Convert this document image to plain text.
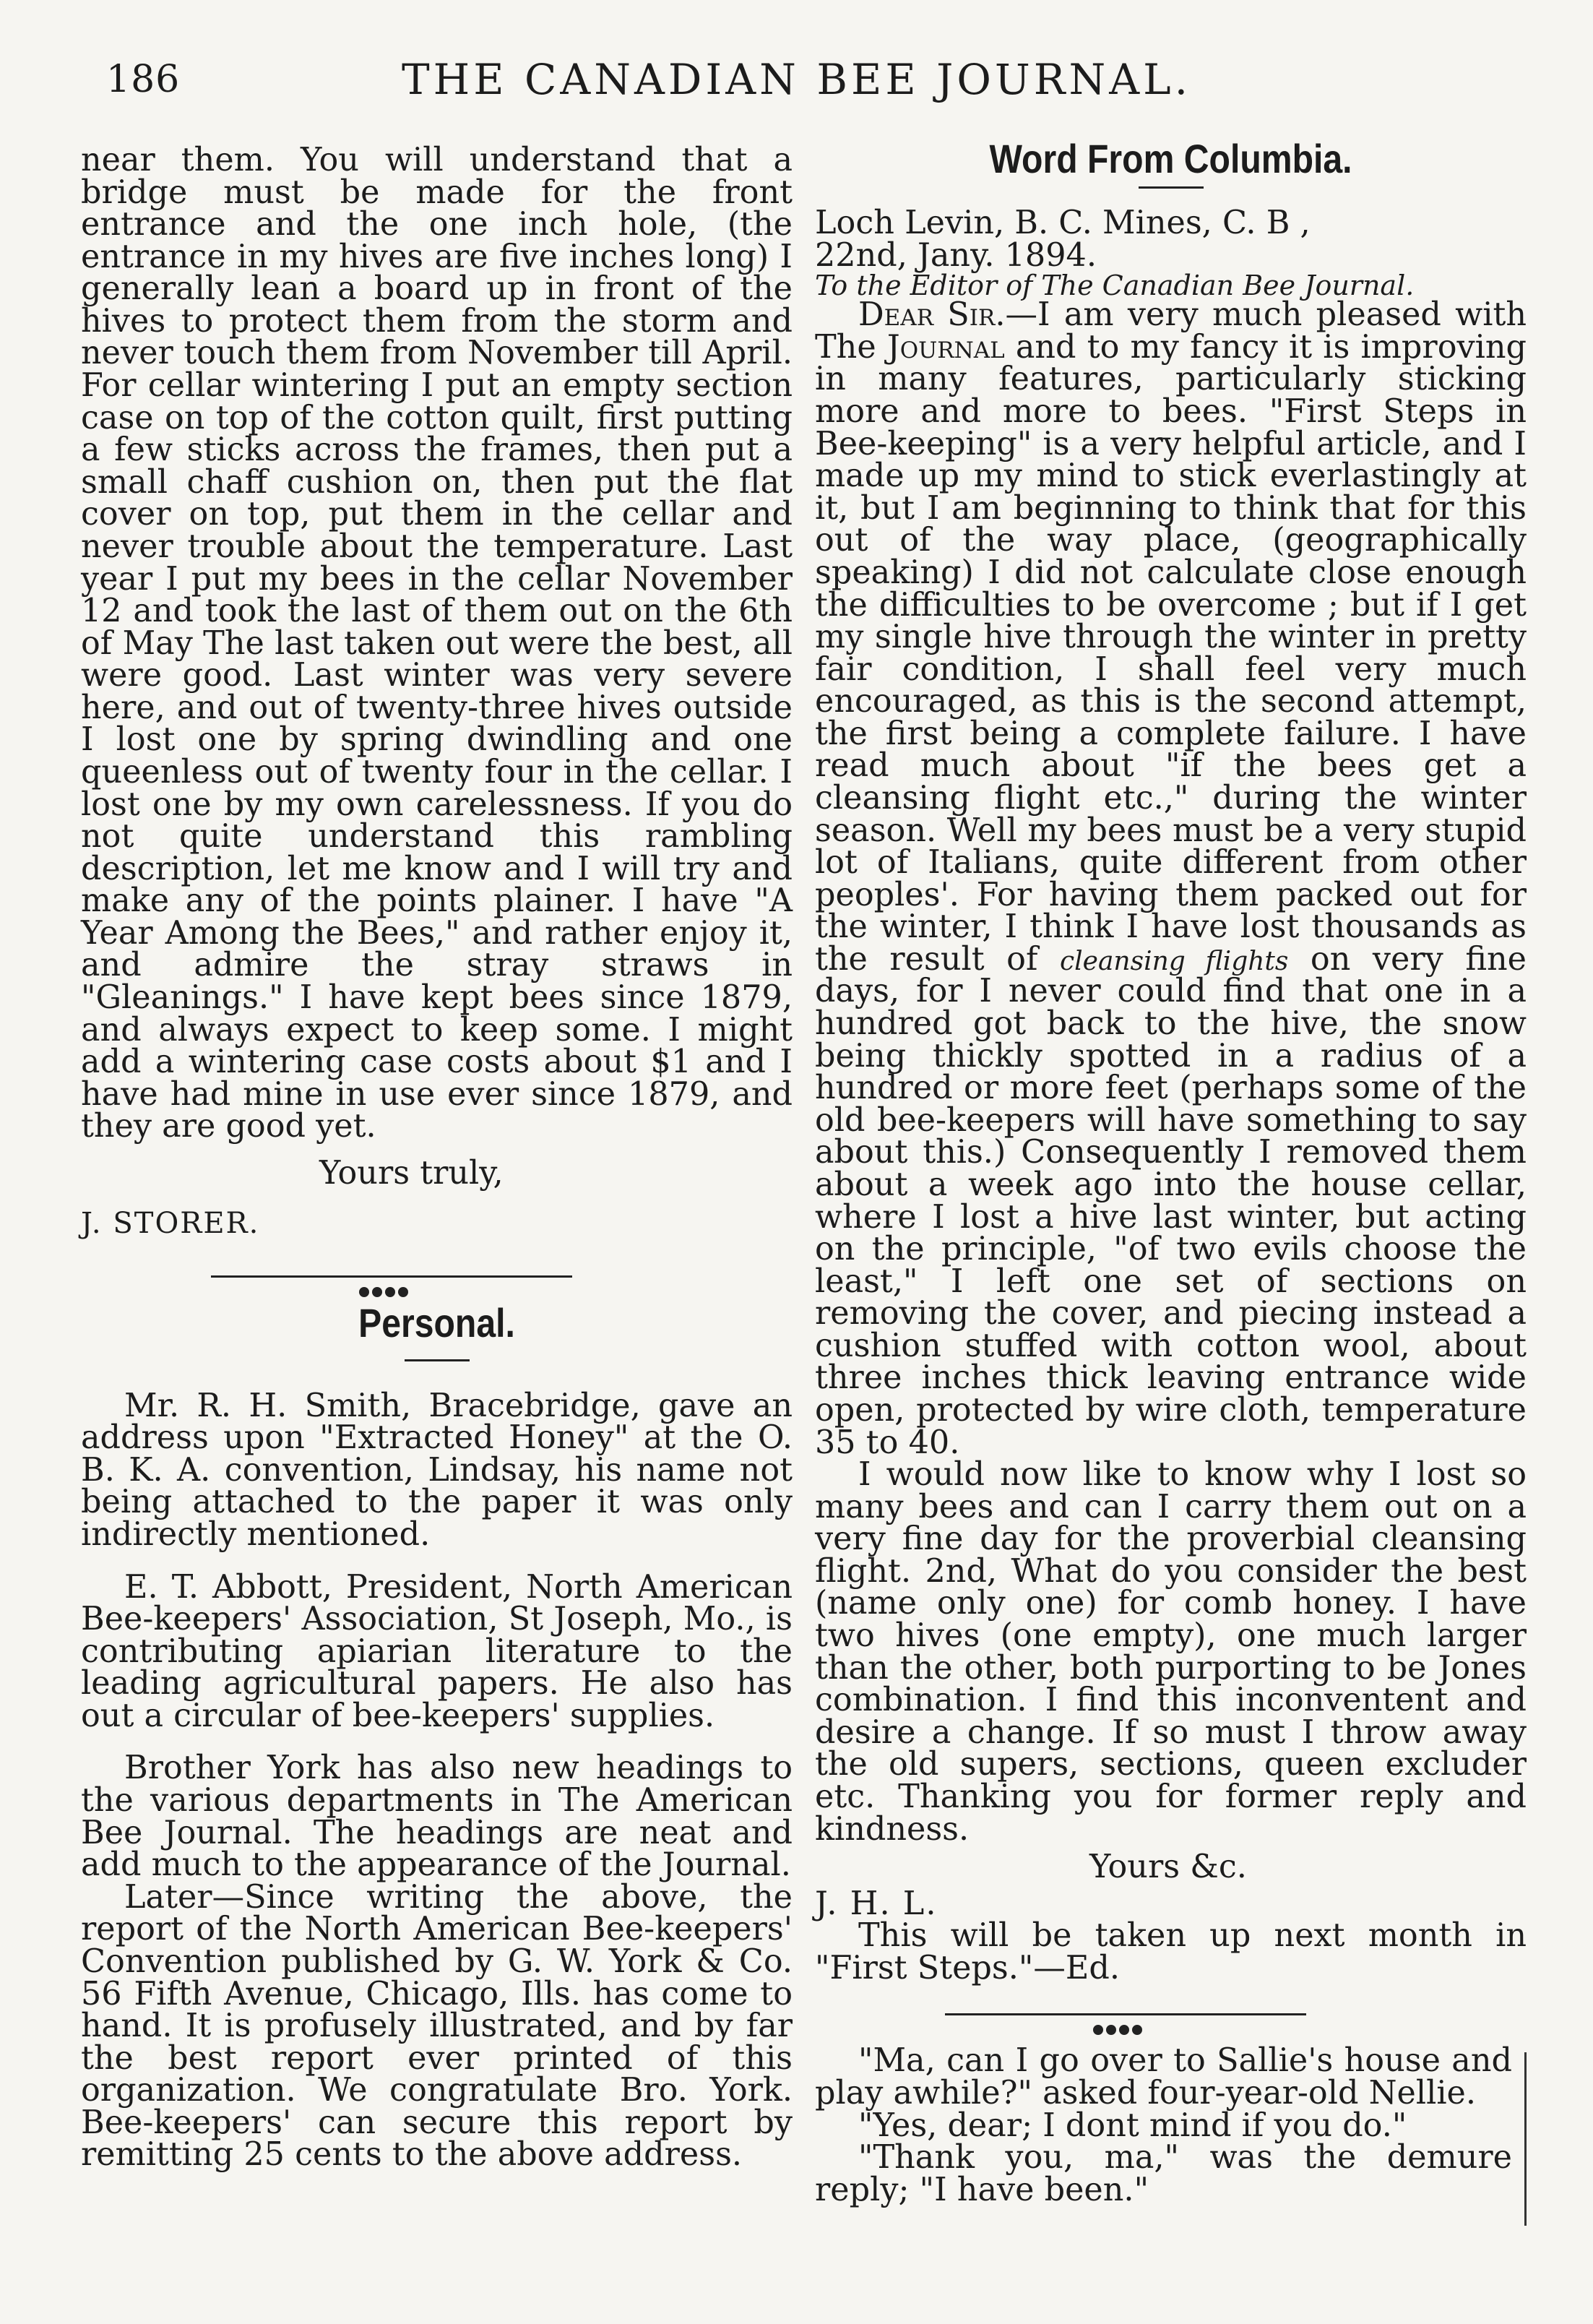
186	THE CANADIAN BEE JOURNAL.

near them. You will understand that a bridge must be made for the front entrance and the one inch hole, (the entrance in my hives are five inches long) I generally lean a board up in front of the hives to protect them from the storm and never touch them from November till April. For cellar wintering I put an empty section case on top of the cotton quilt, first putting a few sticks across the frames, then put a small chaff cushion on, then put the flat cover on top, put them in the cellar and never trouble about the temperature. Last year I put my bees in the cellar November 12 and took the last of them out on the 6th of May The last taken out were the best, all were good. Last winter was very severe here, and out of twenty-three hives outside I lost one by spring dwindling and one queenless out of twenty four in the cellar. I lost one by my own carelessness. If you do not quite understand this rambling description, let me know and I will try and make any of the points plainer. I have "A Year Among the Bees," and rather enjoy it, and admire the stray straws in "Gleanings." I have kept bees since 1879, and always expect to keep some. I might add a wintering case costs about $1 and I have had mine in use ever since 1879, and they are good yet.

Yours truly,

J. STORER.

Personal.

Mr. R. H. Smith, Bracebridge, gave an address upon "Extracted Honey" at the O. B. K. A. convention, Lindsay, his name not being attached to the paper it was only indirectly mentioned.

E. T. Abbott, President, North American Bee-keepers' Association, St Joseph, Mo., is contributing apiarian literature to the leading agricultural papers. He also has out a circular of bee-keepers' supplies.

Brother York has also new headings to the various departments in The American Bee Journal. The headings are neat and add much to the appearance of the Journal.

Later—Since writing the above, the report of the North American Bee-keepers' Convention published by G. W. York & Co. 56 Fifth Avenue, Chicago, Ills. has come to hand. It is profusely illustrated, and by far the best report ever printed of this organization. We congratulate Bro. York. Bee-keepers' can secure this report by remitting 25 cents to the above address.

Word From Columbia.

Loch Levin, B. C. Mines, C. B ,

22nd, Jany. 1894.

To the Editor of The Canadian Bee Journal.

Dear Sir.—I am very much pleased with The Journal and to my fancy it is improving in many features, particularly sticking more and more to bees. "First Steps in Bee-keeping" is a very helpful article, and I made up my mind to stick everlastingly at it, but I am beginning to think that for this out of the way place, (geographically speaking) I did not calculate close enough the difficulties to be overcome ; but if I get my single hive through the winter in pretty fair condition, I shall feel very much encouraged, as this is the second attempt, the first being a complete failure. I have read much about "if the bees get a cleansing flight etc.," during the winter season. Well my bees must be a very stupid lot of Italians, quite different from other peoples'. For having them packed out for the winter, I think I have lost thousands as the result of cleansing flights on very fine days, for I never could find that one in a hundred got back to the hive, the snow being thickly spotted in a radius of a hundred or more feet (perhaps some of the old bee-keepers will have something to say about this.) Consequently I removed them about a week ago into the house cellar, where I lost a hive last winter, but acting on the principle, "of two evils choose the least," I left one set of sections on removing the cover, and piecing instead a cushion stuffed with cotton wool, about three inches thick leaving entrance wide open, protected by wire cloth, temperature 35 to 40.

I would now like to know why I lost so many bees and can I carry them out on a very fine day for the proverbial cleansing flight. 2nd, What do you consider the best (name only one) for comb honey. I have two hives (one empty), one much larger than the other, both purporting to be Jones combination. I find this inconventent and desire a change. If so must I throw away the old supers, sections, queen excluder etc. Thanking you for former reply and kindness.

Yours &c.

J. H. L.

This will be taken up next month in "First Steps."—Ed.

"Ma, can I go over to Sallie's house and play awhile?" asked four-year-old Nellie.

"Yes, dear; I dont mind if you do."

"Thank you, ma," was the demure reply; "I have been."
